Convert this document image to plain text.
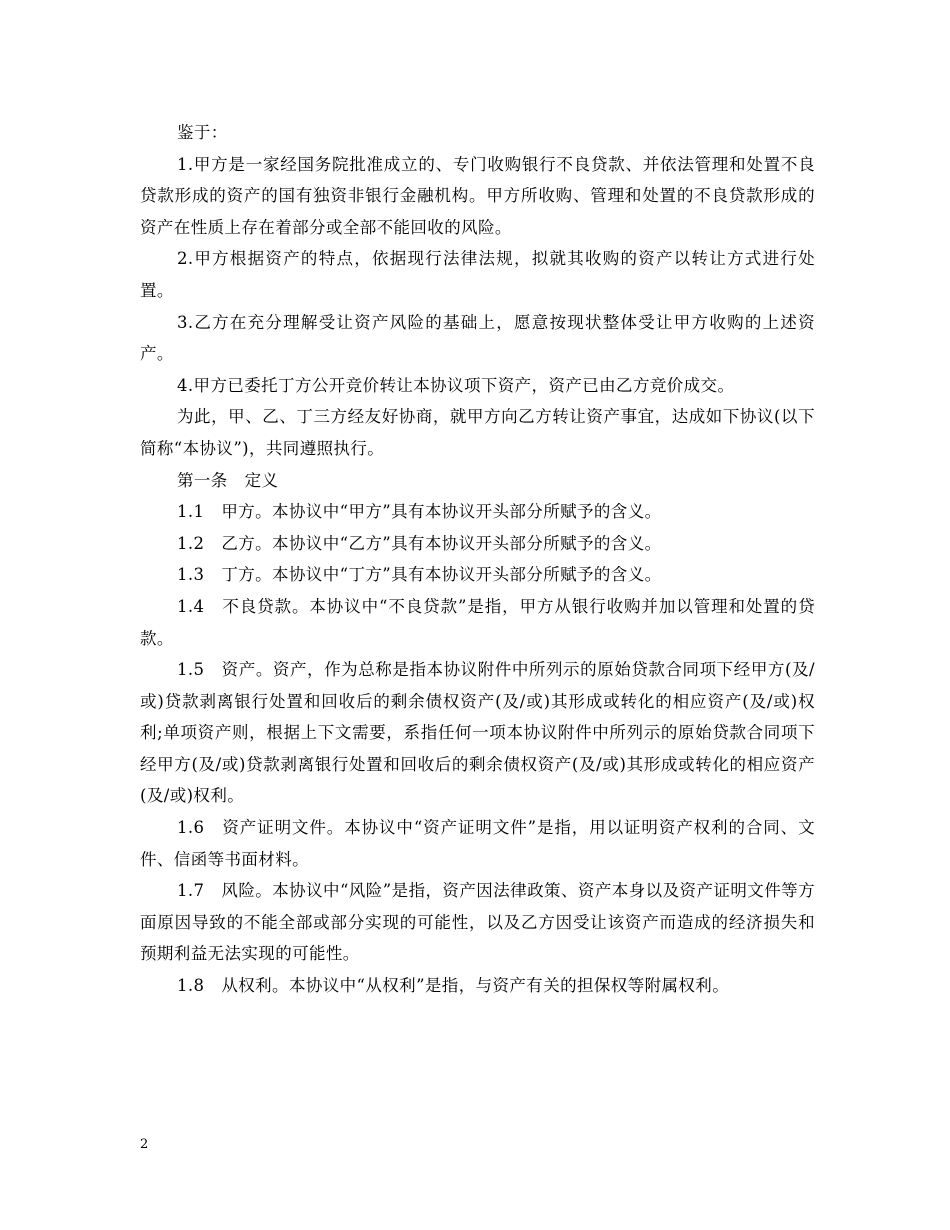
鉴于：

1.甲方是一家经国务院批准成立的、专门收购银行不良贷款、并依法管理和处置不良贷款形成的资产的国有独资非银行金融机构。甲方所收购、管理和处置的不良贷款形成的资产在性质上存在着部分或全部不能回收的风险。

2.甲方根据资产的特点，依据现行法律法规，拟就其收购的资产以转让方式进行处置。

3.乙方在充分理解受让资产风险的基础上，愿意按现状整体受让甲方收购的上述资产。

4.甲方已委托丁方公开竞价转让本协议项下资产，资产已由乙方竞价成交。

为此，甲、乙、丁三方经友好协商，就甲方向乙方转让资产事宜，达成如下协议(以下简称“本协议”)，共同遵照执行。

第一条　定义

1.1　甲方。本协议中“甲方”具有本协议开头部分所赋予的含义。

1.2　乙方。本协议中“乙方”具有本协议开头部分所赋予的含义。

1.3　丁方。本协议中“丁方”具有本协议开头部分所赋予的含义。

1.4　不良贷款。本协议中“不良贷款”是指，甲方从银行收购并加以管理和处置的贷款。

1.5　资产。资产，作为总称是指本协议附件中所列示的原始贷款合同项下经甲方(及/或)贷款剥离银行处置和回收后的剩余债权资产(及/或)其形成或转化的相应资产(及/或)权利;单项资产则，根据上下文需要，系指任何一项本协议附件中所列示的原始贷款合同项下经甲方(及/或)贷款剥离银行处置和回收后的剩余债权资产(及/或)其形成或转化的相应资产(及/或)权利。

1.6　资产证明文件。本协议中“资产证明文件”是指，用以证明资产权利的合同、文件、信函等书面材料。

1.7　风险。本协议中“风险”是指，资产因法律政策、资产本身以及资产证明文件等方面原因导致的不能全部或部分实现的可能性，以及乙方因受让该资产而造成的经济损失和预期利益无法实现的可能性。

1.8　从权利。本协议中“从权利”是指，与资产有关的担保权等附属权利。

2
